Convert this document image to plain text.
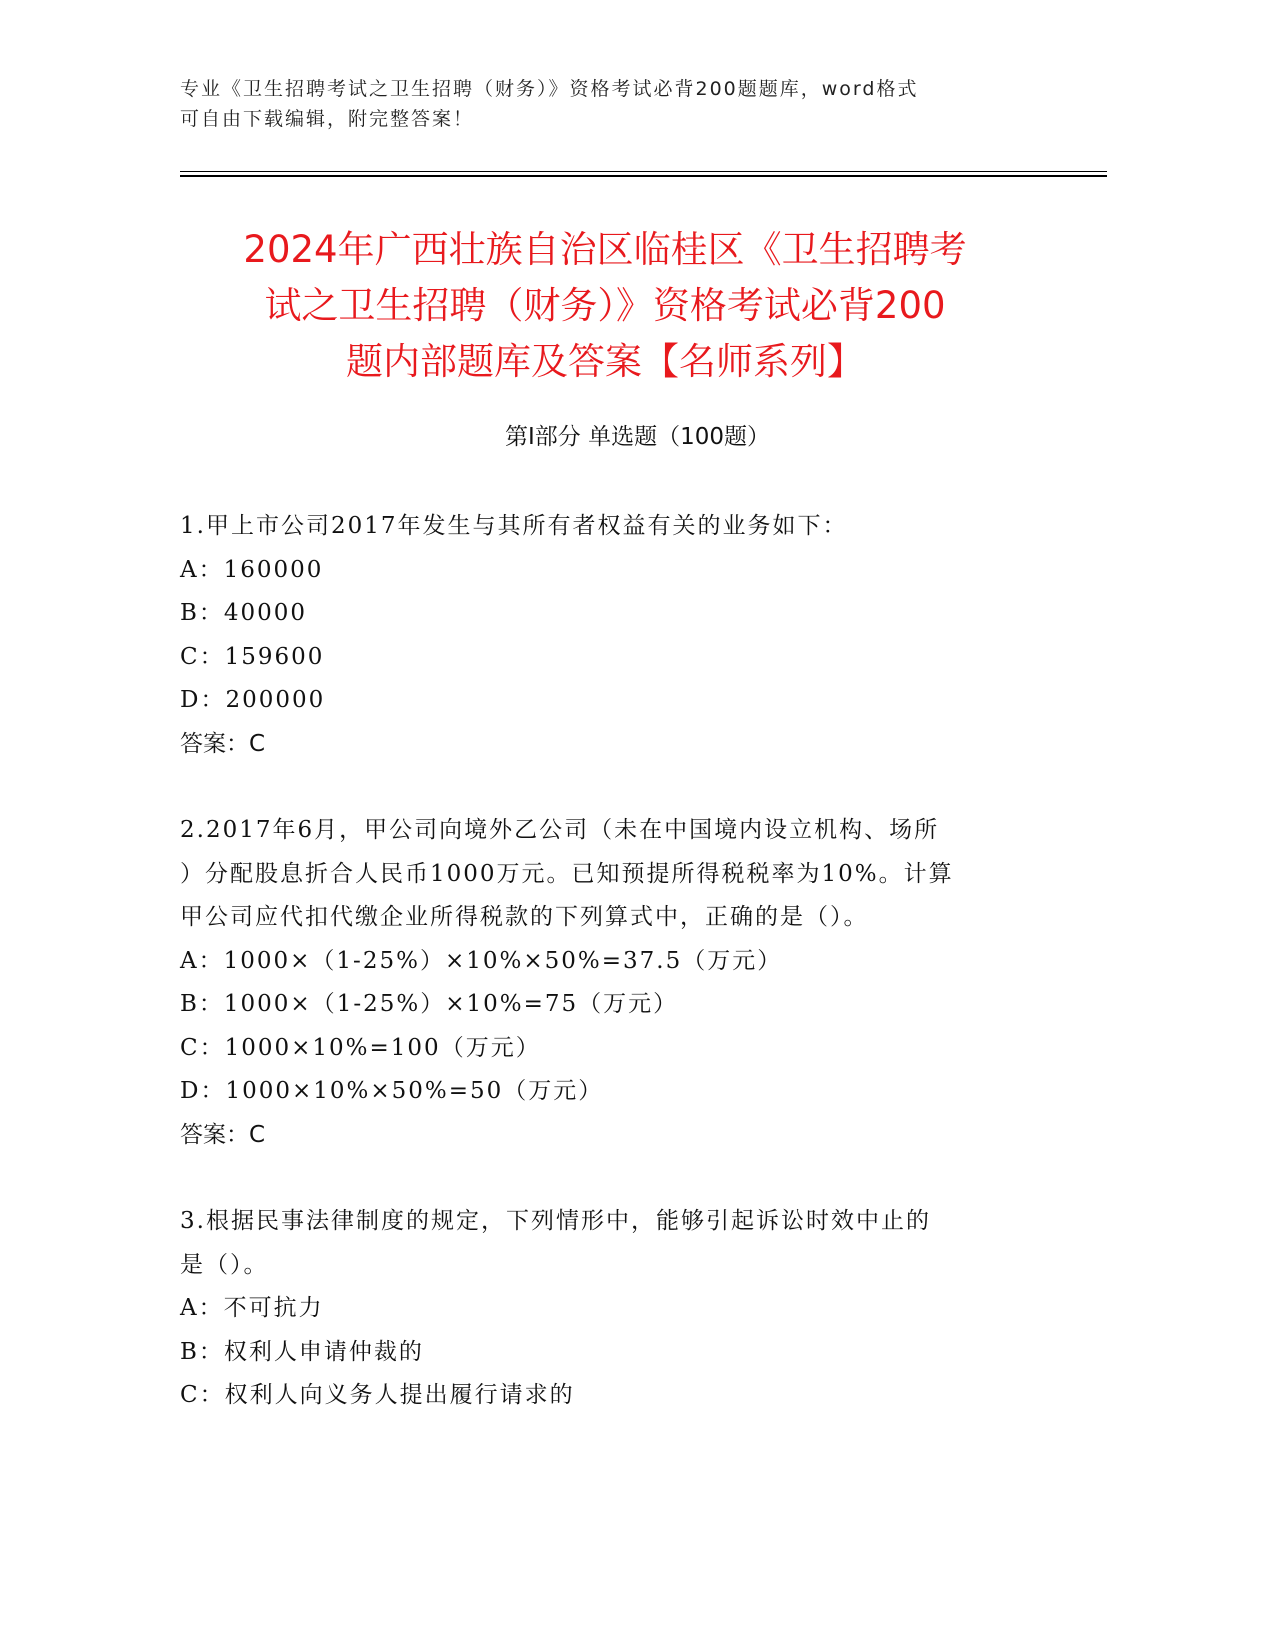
专业《卫生招聘考试之卫生招聘（财务）》资格考试必背200题题库，word格式
可自由下载编辑，附完整答案！
2024年广西壮族自治区临桂区《卫生招聘考
试之卫生招聘（财务）》资格考试必背200
题内部题库及答案【名师系列】
第I部分 单选题（100题）

1.甲上市公司2017年发生与其所有者权益有关的业务如下：

A：160000

B：40000

C：159600

D：200000

答案：C

2.2017年6月，甲公司向境外乙公司（未在中国境内设立机构、场所

）分配股息折合人民币1000万元。已知预提所得税税率为10%。计算

甲公司应代扣代缴企业所得税款的下列算式中，正确的是（）。

A：1000×（1-25%）×10%×50%=37.5（万元）

B：1000×（1-25%）×10%=75（万元）

C：1000×10%=100（万元）

D：1000×10%×50%=50（万元）

答案：C

3.根据民事法律制度的规定，下列情形中，能够引起诉讼时效中止的

是（）。

A：不可抗力

B：权利人申请仲裁的

C：权利人向义务人提出履行请求的
